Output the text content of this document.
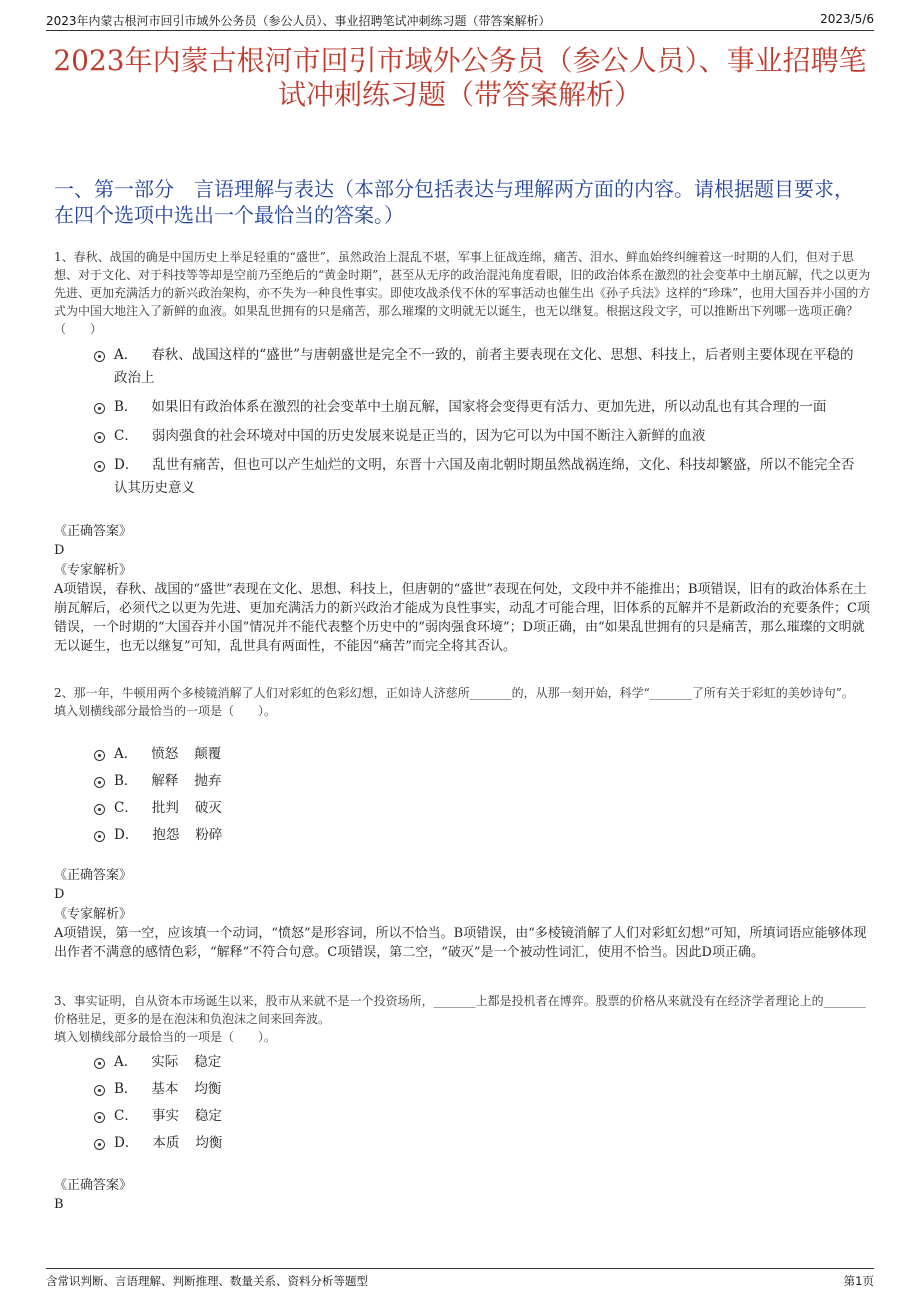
2023年内蒙古根河市回引市域外公务员（参公人员）、事业招聘笔试冲刺练习题（带答案解析）	2023/5/6
2023年内蒙古根河市回引市域外公务员（参公人员）、事业招聘笔试冲刺练习题（带答案解析）
一、第一部分　言语理解与表达（本部分包括表达与理解两方面的内容。请根据题目要求，在四个选项中选出一个最恰当的答案。）
1、春秋、战国的确是中国历史上举足轻重的“盛世”，虽然政治上混乱不堪，军事上征战连绵，痛苦、泪水、鲜血始终纠缠着这一时期的人们，但对于思想、对于文化、对于科技等等却是空前乃至绝后的“黄金时期”，甚至从无序的政治混沌角度看眼，旧的政治体系在激烈的社会变革中土崩瓦解，代之以更为先进、更加充满活力的新兴政治架构，亦不失为一种良性事实。即使攻战杀伐不休的军事活动也催生出《孙子兵法》这样的“珍珠”，也用大国吞并小国的方式为中国大地注入了新鲜的血液。如果乱世拥有的只是痛苦，那么璀璨的文明就无以诞生，也无以继复。根据这段文字，可以推断出下列哪一选项正确？（　　）
A． 春秋、战国这样的“盛世”与唐朝盛世是完全不一致的，前者主要表现在文化、思想、科技上，后者则主要体现在平稳的政治上
B． 如果旧有政治体系在激烈的社会变革中土崩瓦解，国家将会变得更有活力、更加先进，所以动乱也有其合理的一面
C． 弱肉强食的社会环境对中国的历史发展来说是正当的，因为它可以为中国不断注入新鲜的血液
D． 乱世有痛苦，但也可以产生灿烂的文明，东晋十六国及南北朝时期虽然战祸连绵，文化、科技却繁盛，所以不能完全否认其历史意义
《正确答案》
D
《专家解析》
A项错误，春秋、战国的“盛世”表现在文化、思想、科技上，但唐朝的“盛世”表现在何处，文段中并不能推出；B项错误，旧有的政治体系在土崩瓦解后，必须代之以更为先进、更加充满活力的新兴政治才能成为良性事实，动乱才可能合理，旧体系的瓦解并不是新政治的充要条件；C项错误，一个时期的“大国吞并小国”情况并不能代表整个历史中的“弱肉强食环境”；D项正确，由“如果乱世拥有的只是痛苦，那么璀璨的文明就无以诞生，也无以继复”可知，乱世具有两面性，不能因“痛苦”而完全将其否认。
2、那一年，牛顿用两个多棱镜消解了人们对彩虹的色彩幻想，正如诗人济慈所_______的，从那一刻开始，科学“_______了所有关于彩虹的美妙诗句”。
填入划横线部分最恰当的一项是（　　）。
A． 愤怒 颠覆
B． 解释 抛弃
C． 批判 破灭
D． 抱怨 粉碎
《正确答案》
D
《专家解析》
A项错误，第一空，应该填一个动词，“愤怒”是形容词，所以不恰当。B项错误，由“多棱镜消解了人们对彩虹幻想”可知，所填词语应能够体现出作者不满意的感情色彩，“解释”不符合句意。C项错误，第二空，“破灭”是一个被动性词汇，使用不恰当。因此D项正确。
3、事实证明，自从资本市场诞生以来，股市从来就不是一个投资场所，_______上都是投机者在博弈。股票的价格从来就没有在经济学者理论上的_______价格驻足，更多的是在泡沫和负泡沫之间来回奔波。
填入划横线部分最恰当的一项是（　　）。
A． 实际 稳定
B． 基本 均衡
C． 事实 稳定
D． 本质 均衡
《正确答案》
B
含常识判断、言语理解、判断推理、数量关系、资料分析等题型	第1页
